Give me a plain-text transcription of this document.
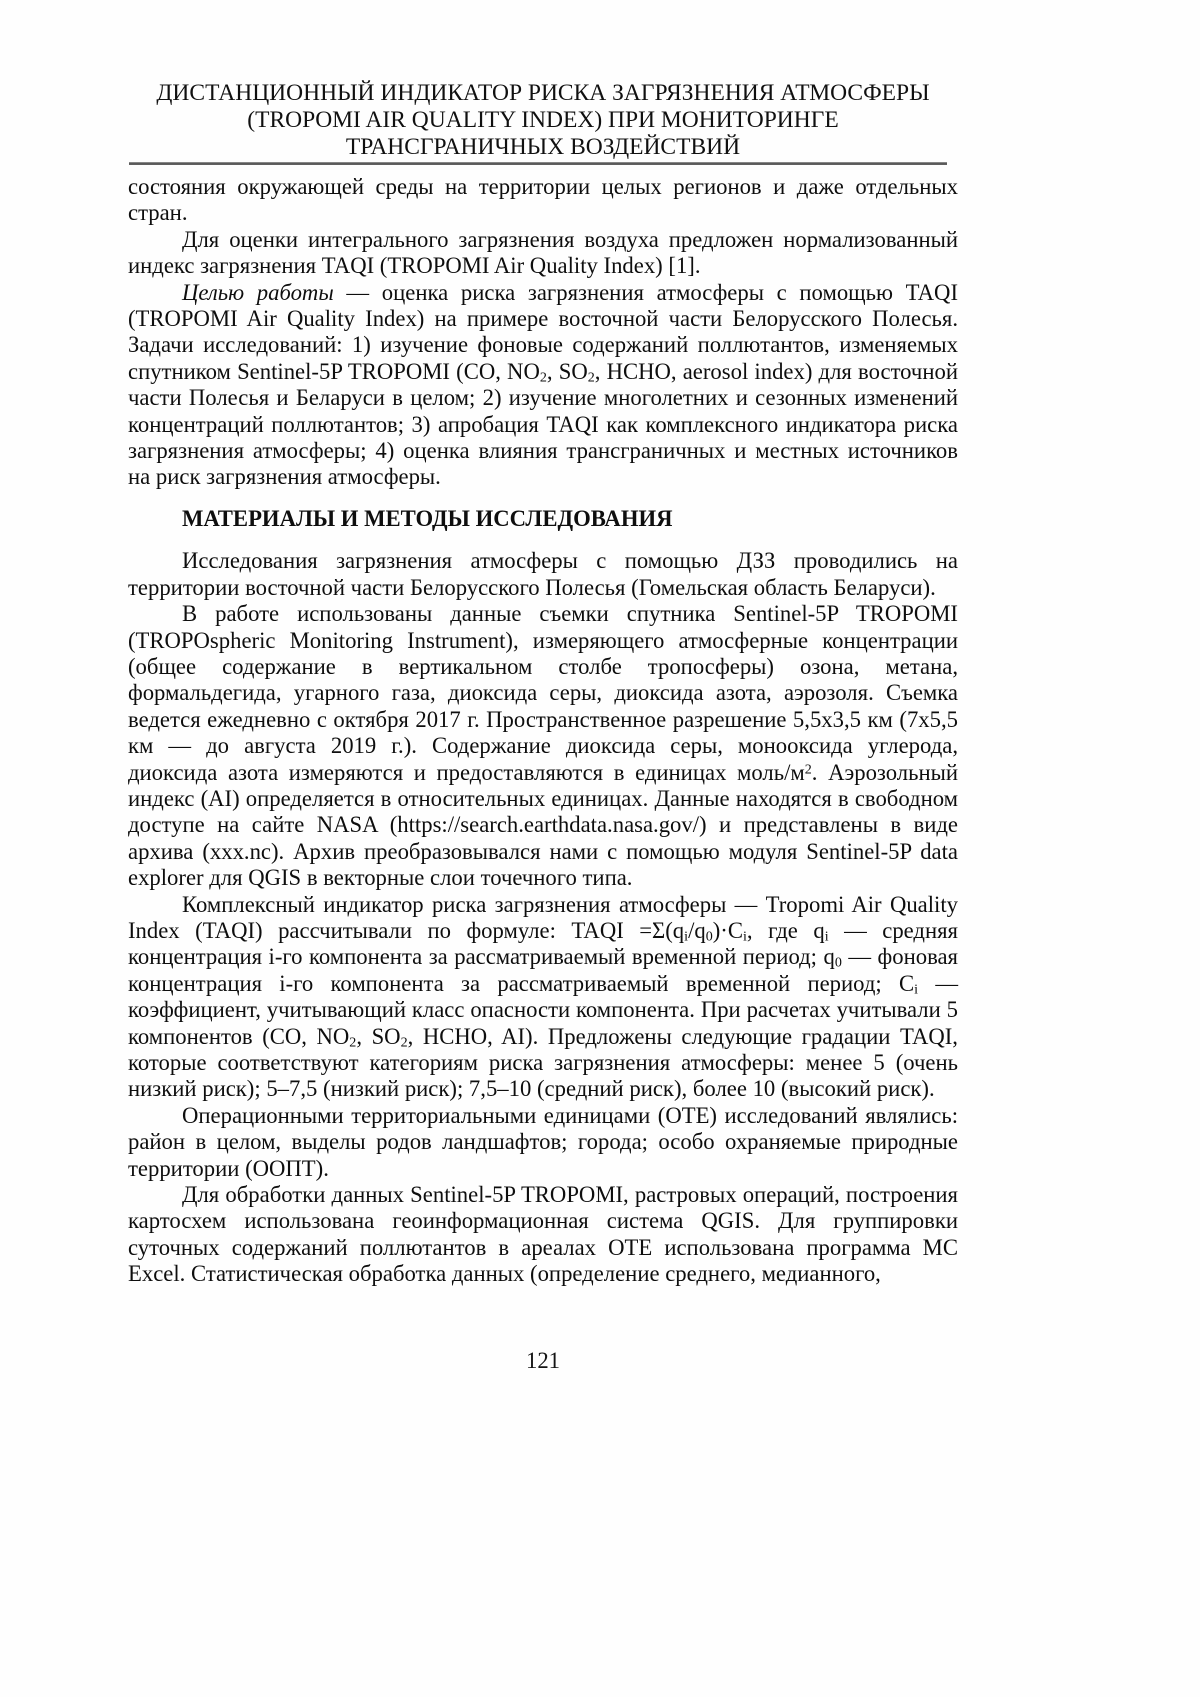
ДИСТАНЦИОННЫЙ ИНДИКАТОР РИСКА ЗАГРЯЗНЕНИЯ АТМОСФЕРЫ
(TROPOMI AIR QUALITY INDEX) ПРИ МОНИТОРИНГЕ
ТРАНСГРАНИЧНЫХ ВОЗДЕЙСТВИЙ

состояния окружающей среды на территории целых регионов и даже отдельных стран.

Для оценки интегрального загрязнения воздуха предложен нормализованный индекс загрязнения TAQI (TROPOMI Air Quality Index) [1].

Целью работы — оценка риска загрязнения атмосферы с помощью TAQI (TROPOMI Air Quality Index) на примере восточной части Белорусского Полесья. Задачи исследований: 1) изучение фоновые содержаний поллютантов, изменяемых спутником Sentinel-5P TROPOMI (CO, NO2, SO2, HCHO, aerosol index) для восточной части Полесья и Беларуси в целом; 2) изучение многолетних и сезонных изменений концентраций поллютантов; 3) апробация TAQI как комплексного индикатора риска загрязнения атмосферы; 4) оценка влияния трансграничных и местных источников на риск загрязнения атмосферы.

МАТЕРИАЛЫ И МЕТОДЫ ИССЛЕДОВАНИЯ

Исследования загрязнения атмосферы с помощью ДЗЗ проводились на территории восточной части Белорусского Полесья (Гомельская область Беларуси).

В работе использованы данные съемки спутника Sentinel-5P TROPOMI (TROPOspheric Monitoring Instrument), измеряющего атмосферные концентрации (общее содержание в вертикальном столбе тропосферы) озона, метана, формальдегида, угарного газа, диоксида серы, диоксида азота, аэрозоля. Съемка ведется ежедневно с октября 2017 г. Пространственное разрешение 5,5х3,5 км (7х5,5 км — до августа 2019 г.). Содержание диоксида серы, монооксида углерода, диоксида азота измеряются и предоставляются в единицах моль/$м^2$. Аэрозольный индекс (AI) определяется в относительных единицах. Данные находятся в свободном доступе на сайте NASA (https://search.earthdata.nasa.gov/) и представлены в виде архива (xxx.nc). Архив преобразовывался нами с помощью модуля Sentinel-5P data explorer для QGIS в векторные слои точечного типа.

Комплексный индикатор риска загрязнения атмосферы — Tropomi Air Quality Index (TAQI) рассчитывали по формуле: TAQI =Σ(qi/q0)·Ci, где qi — средняя концентрация i-го компонента за рассматриваемый временной период; q0 — фоновая концентрация i-го компонента за рассматриваемый временной период; Ci — коэффициент, учитывающий класс опасности компонента. При расчетах учитывали 5 компонентов (CO, NO2, SO2, HCHO, AI). Предложены следующие градации TAQI, которые соответствуют категориям риска загрязнения атмосферы: менее 5 (очень низкий риск); 5–7,5 (низкий риск); 7,5–10 (средний риск), более 10 (высокий риск).

Операционными территориальными единицами (ОТЕ) исследований являлись: район в целом, выделы родов ландшафтов; города; особо охраняемые природные территории (ООПТ).

Для обработки данных Sentinel-5P TROPOMI, растровых операций, построения картосхем использована геоинформационная система QGIS. Для группировки суточных содержаний поллютантов в ареалах ОТЕ использована программа МС Excel. Статистическая обработка данных (определение среднего, медианного,

121
